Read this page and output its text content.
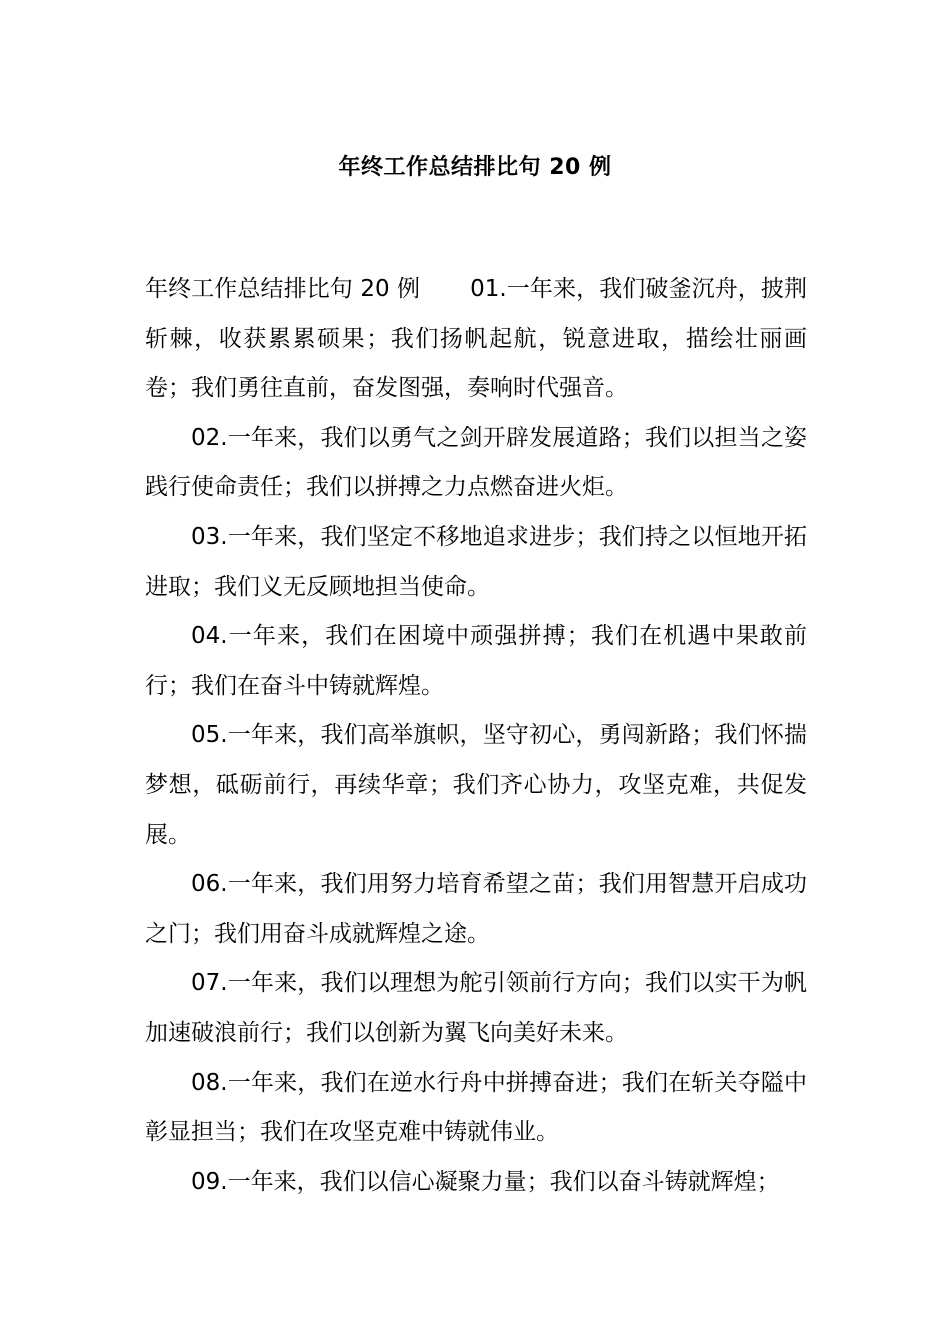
年终工作总结排比句 20 例

年终工作总结排比句 20 例 01.一年来，我们破釜沉舟，披荆斩棘，收获累累硕果；我们扬帆起航，锐意进取，描绘壮丽画卷；我们勇往直前，奋发图强，奏响时代强音。

02.一年来，我们以勇气之剑开辟发展道路；我们以担当之姿践行使命责任；我们以拼搏之力点燃奋进火炬。

03.一年来，我们坚定不移地追求进步；我们持之以恒地开拓进取；我们义无反顾地担当使命。

04.一年来，我们在困境中顽强拼搏；我们在机遇中果敢前行；我们在奋斗中铸就辉煌。

05.一年来，我们高举旗帜，坚守初心，勇闯新路；我们怀揣梦想，砥砺前行，再续华章；我们齐心协力，攻坚克难，共促发展。

06.一年来，我们用努力培育希望之苗；我们用智慧开启成功之门；我们用奋斗成就辉煌之途。

07.一年来，我们以理想为舵引领前行方向；我们以实干为帆加速破浪前行；我们以创新为翼飞向美好未来。

08.一年来，我们在逆水行舟中拼搏奋进；我们在斩关夺隘中彰显担当；我们在攻坚克难中铸就伟业。

09.一年来，我们以信心凝聚力量；我们以奋斗铸就辉煌；
